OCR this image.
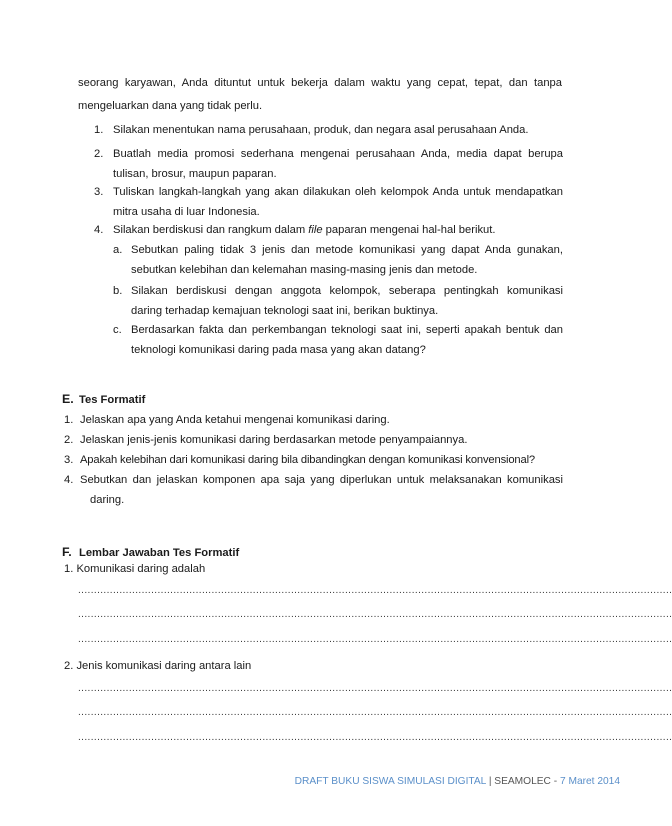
seorang karyawan, Anda dituntut untuk bekerja dalam waktu yang cepat, tepat, dan tanpa
mengeluarkan dana yang tidak perlu.
1. Silakan menentukan nama perusahaan, produk, dan negara asal perusahaan Anda.
2. Buatlah media promosi sederhana mengenai perusahaan Anda, media dapat berupa
tulisan, brosur, maupun paparan.
3. Tuliskan langkah-langkah yang akan dilakukan oleh kelompok Anda untuk mendapatkan
mitra usaha di luar Indonesia.
4. Silakan berdiskusi dan rangkum dalam file paparan mengenai hal-hal berikut.
a. Sebutkan paling tidak 3 jenis dan metode komunikasi yang dapat Anda gunakan,
sebutkan kelebihan dan kelemahan masing-masing jenis dan metode.
b. Silakan berdiskusi dengan anggota kelompok, seberapa pentingkah komunikasi
daring terhadap kemajuan teknologi saat ini, berikan buktinya.
c. Berdasarkan fakta dan perkembangan teknologi saat ini, seperti apakah bentuk dan
teknologi komunikasi daring pada masa yang akan datang?
E. Tes Formatif
1. Jelaskan apa yang Anda ketahui mengenai komunikasi daring.
2. Jelaskan jenis-jenis komunikasi daring berdasarkan metode penyampaiannya.
3. Apakah kelebihan dari komunikasi daring bila dibandingkan dengan komunikasi konvensional?
4. Sebutkan dan jelaskan komponen apa saja yang diperlukan untuk melaksanakan komunikasi
daring.
F. Lembar Jawaban Tes Formatif
1. Komunikasi daring adalah
...........................................................................................................................................................................................
...........................................................................................................................................................................................
...........................................................................................................................................................................................
2. Jenis komunikasi daring antara lain
...........................................................................................................................................................................................
...........................................................................................................................................................................................
...........................................................................................................................................................................................
DRAFT BUKU SISWA SIMULASI DIGITAL | SEAMOLEC - 7 Maret 2014
